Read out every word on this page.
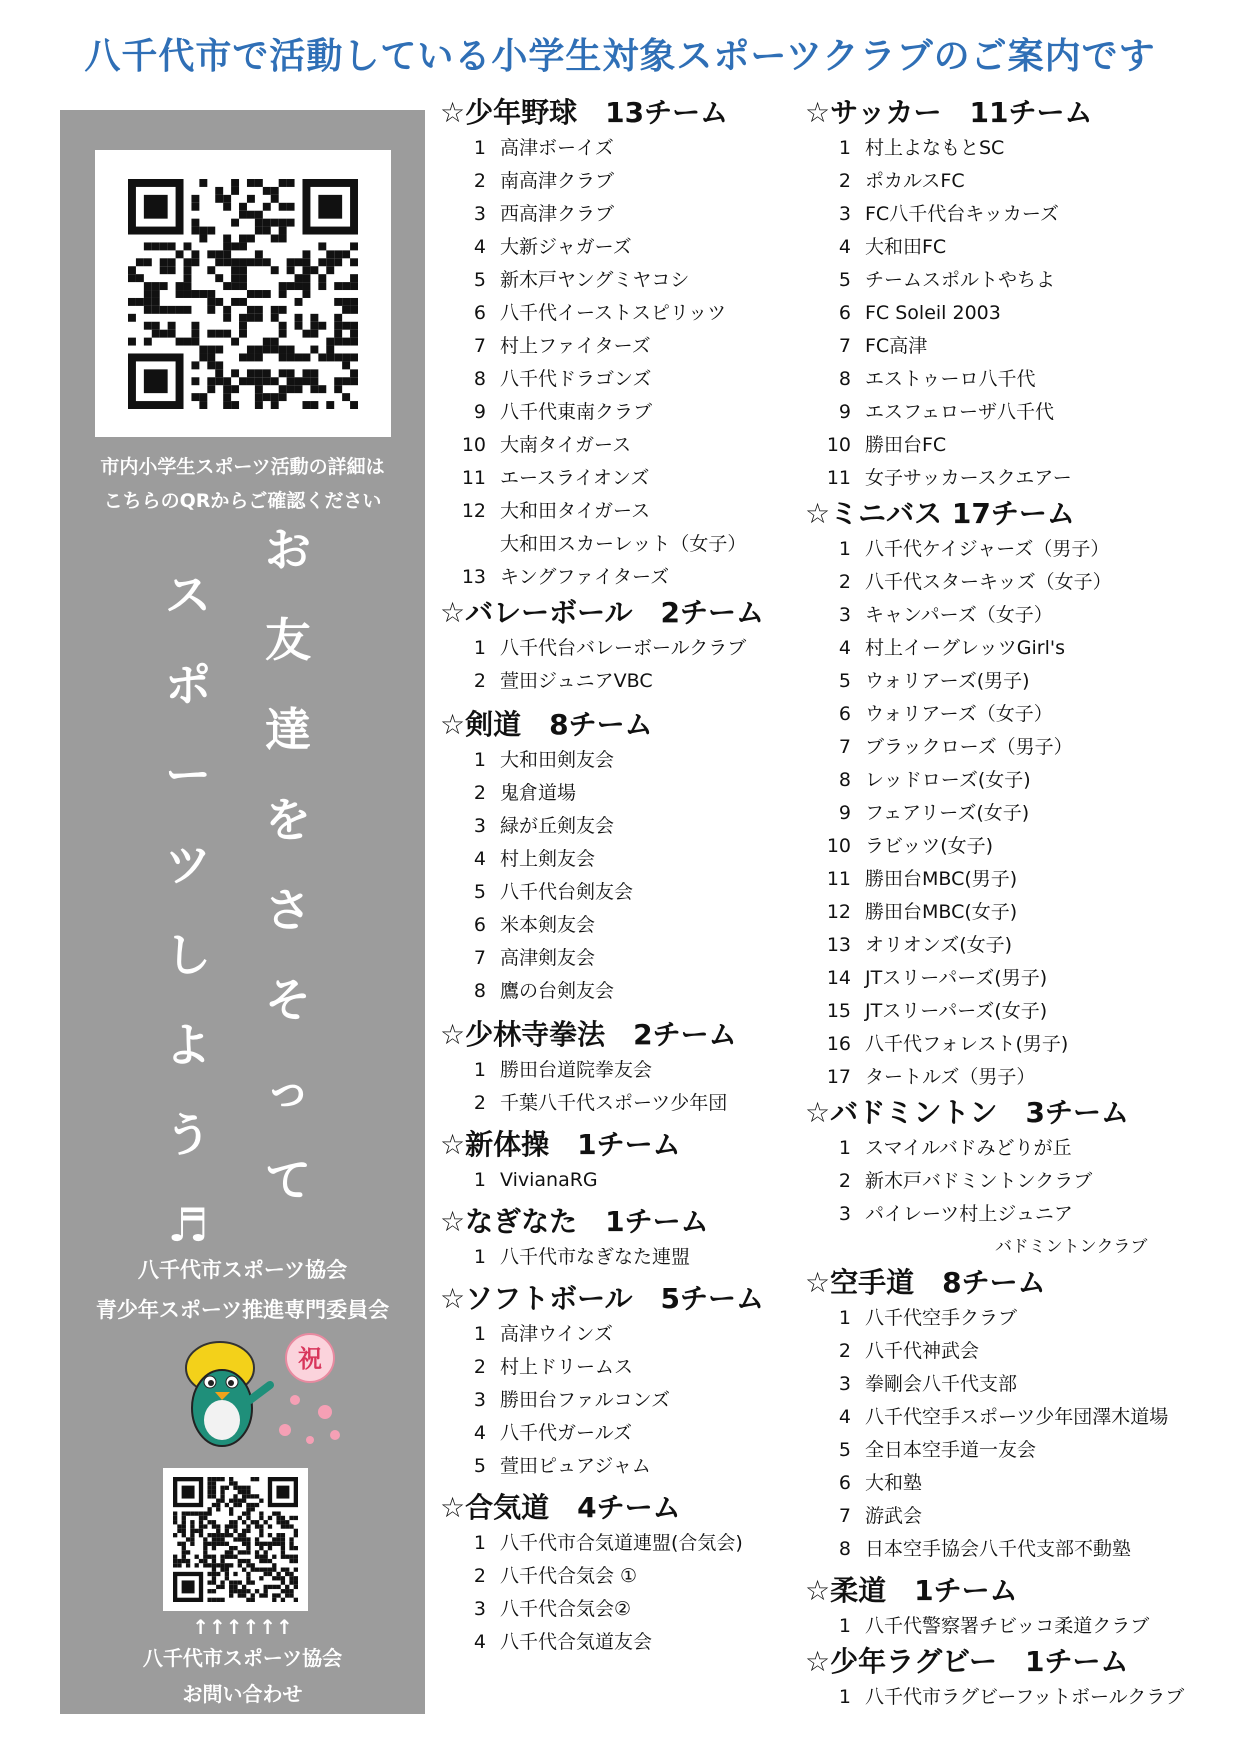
八千代市で活動している小学生対象スポーツクラブのご案内です
市内小学生スポーツ活動の詳細は
こちらのQRからご確認ください
お
友
達
を
さ
そ
っ
て
ス
ポ
ー
ツ
し
よ
う
♬
八千代市スポーツ協会
青少年スポーツ推進専門委員会
祝
↑↑↑↑↑↑
八千代市スポーツ協会
お問い合わせ
☆少年野球　13チーム
1 高津ボーイズ
2 南高津クラブ
3 西高津クラブ
4 大新ジャガーズ
5 新木戸ヤングミヤコシ
6 八千代イーストスピリッツ
7 村上ファイターズ
8 八千代ドラゴンズ
9 八千代東南クラブ
10 大南タイガース
11 エースライオンズ
12 大和田タイガース
大和田スカーレット（女子）
13 キングファイターズ
☆バレーボール　2チーム
1 八千代台バレーボールクラブ
2 萱田ジュニアVBC
☆剣道　8チーム
1 大和田剣友会
2 鬼倉道場
3 緑が丘剣友会
4 村上剣友会
5 八千代台剣友会
6 米本剣友会
7 高津剣友会
8 鷹の台剣友会
☆少林寺拳法　2チーム
1 勝田台道院拳友会
2 千葉八千代スポーツ少年団
☆新体操　1チーム
1 VivianaRG
☆なぎなた　1チーム
1 八千代市なぎなた連盟
☆ソフトボール　5チーム
1 高津ウインズ
2 村上ドリームス
3 勝田台ファルコンズ
4 八千代ガールズ
5 萱田ピュアジャム
☆合気道　4チーム
1 八千代市合気道連盟(合気会)
2 八千代合気会 ①
3 八千代合気会②
4 八千代合気道友会
☆サッカー　11チーム
1 村上よなもとSC
2 ポカルスFC
3 FC八千代台キッカーズ
4 大和田FC
5 チームスポルトやちよ
6 FC Soleil 2003
7 FC高津
8 エストゥーロ八千代
9 エスフェローザ八千代
10 勝田台FC
11 女子サッカースクエアー
☆ミニバス 17チーム
1 八千代ケイジャーズ（男子）
2 八千代スターキッズ（女子）
3 キャンパーズ（女子）
4 村上イーグレッツGirl's
5 ウォリアーズ(男子)
6 ウォリアーズ（女子）
7 ブラックローズ（男子）
8 レッドローズ(女子)
9 フェアリーズ(女子)
10 ラビッツ(女子)
11 勝田台MBC(男子)
12 勝田台MBC(女子)
13 オリオンズ(女子)
14 JTスリーパーズ(男子)
15 JTスリーパーズ(女子)
16 八千代フォレスト(男子)
17 タートルズ（男子）
☆バドミントン　3チーム
1 スマイルバドみどりが丘
2 新木戸バドミントンクラブ
3 パイレーツ村上ジュニア
バドミントンクラブ
☆空手道　8チーム
1 八千代空手クラブ
2 八千代神武会
3 拳剛会八千代支部
4 八千代空手スポーツ少年団澤木道場
5 全日本空手道一友会
6 大和塾
7 游武会
8 日本空手協会八千代支部不動塾
☆柔道　1チーム
1 八千代警察署チビッコ柔道クラブ
☆少年ラグビー　1チーム
1 八千代市ラグビーフットボールクラブ
